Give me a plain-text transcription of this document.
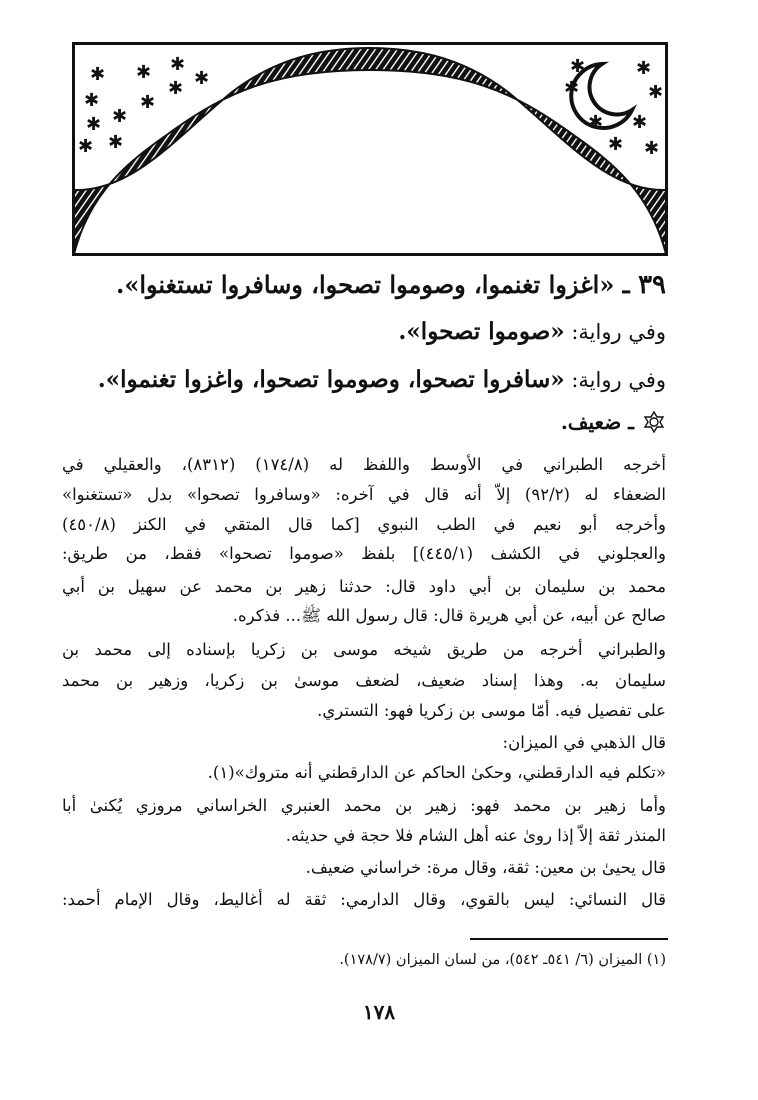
✱ ✱ ✱
✱
✱
✱
✱
✱
✱
✱
✱
✱	✱
✱	✱
✱
✱ ✱
✱
٣٩ ـ «اغزوا تغنموا، وصوموا تصحوا، وسافروا تستغنوا».
وفي رواية: «صوموا تصحوا».
وفي رواية: «سافروا تصحوا، وصوموا تصحوا، واغزوا تغنموا».
ـ ضعيف.
أخرجه الطبراني في الأوسط واللفظ له (١٧٤/٨) (٨٣١٢)، والعقيلي في
الضعفاء له (٩٢/٢) إلاّ أنه قال في آخره: «وسافروا تصحوا» بدل «تستغنوا»
وأخرجه أبو نعيم في الطب النبوي [كما قال المتقي في الكنز (٤٥٠/٨)
والعجلوني في الكشف (٤٤٥/١)] بلفظ «صوموا تصحوا» فقط، من طريق:
محمد بن سليمان بن أبي داود قال: حدثنا زهير بن محمد عن سهيل بن أبي
صالح عن أبيه، عن أبي هريرة قال: قال رسول الله ﷺ... فذكره.
والطبراني أخرجه من طريق شيخه موسى بن زكريا بإسناده إلى محمد بن
سليمان به. وهذا إسناد ضعيف، لضعف موسىٰ بن زكريا، وزهير بن محمد
على تفصيل فيه. أمّا موسى بن زكريا فهو: التستري.
قال الذهبي في الميزان:
«تكلم فيه الدارقطني، وحكىٰ الحاكم عن الدارقطني أنه متروك»(١).
وأما زهير بن محمد فهو: زهير بن محمد العنبري الخراساني مروزي يُكنىٰ أبا
المنذر ثقة إلاّ إذا روىٰ عنه أهل الشام فلا حجة في حديثه.
قال يحيىٰ بن معين: ثقة، وقال مرة: خراساني ضعيف.
قال النسائي: ليس بالقوي، وقال الدارمي: ثقة له أغاليط، وقال الإمام أحمد:
(١) الميزان (٦/ ٥٤١ـ ٥٤٢)، من لسان الميزان (١٧٨/٧).
١٧٨
